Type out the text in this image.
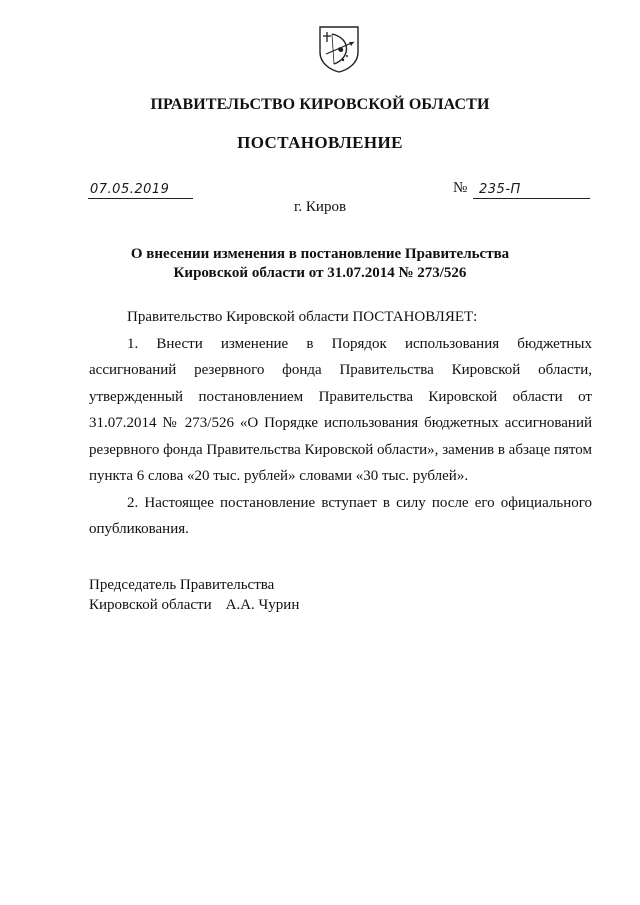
ПРАВИТЕЛЬСТВО КИРОВСКОЙ ОБЛАСТИ
ПОСТАНОВЛЕНИЕ
07.05.2019	№ 235-П
г. Киров
О внесении изменения в постановление Правительства
Кировской области от 31.07.2014 № 273/526

Правительство Кировской области ПОСТАНОВЛЯЕТ:

1. Внести изменение в Порядок использования бюджетных ассигнований резервного фонда Правительства Кировской области, утвержденный постановлением Правительства Кировской области от 31.07.2014 № 273/526 «О Порядке использования бюджетных ассигнований резервного фонда Правительства Кировской области», заменив в абзаце пятом пункта 6 слова «20 тыс. рублей» словами «30 тыс. рублей».

2. Настоящее постановление вступает в силу после его официального опубликования.

Председатель Правительства
Кировской области А.А. Чурин
